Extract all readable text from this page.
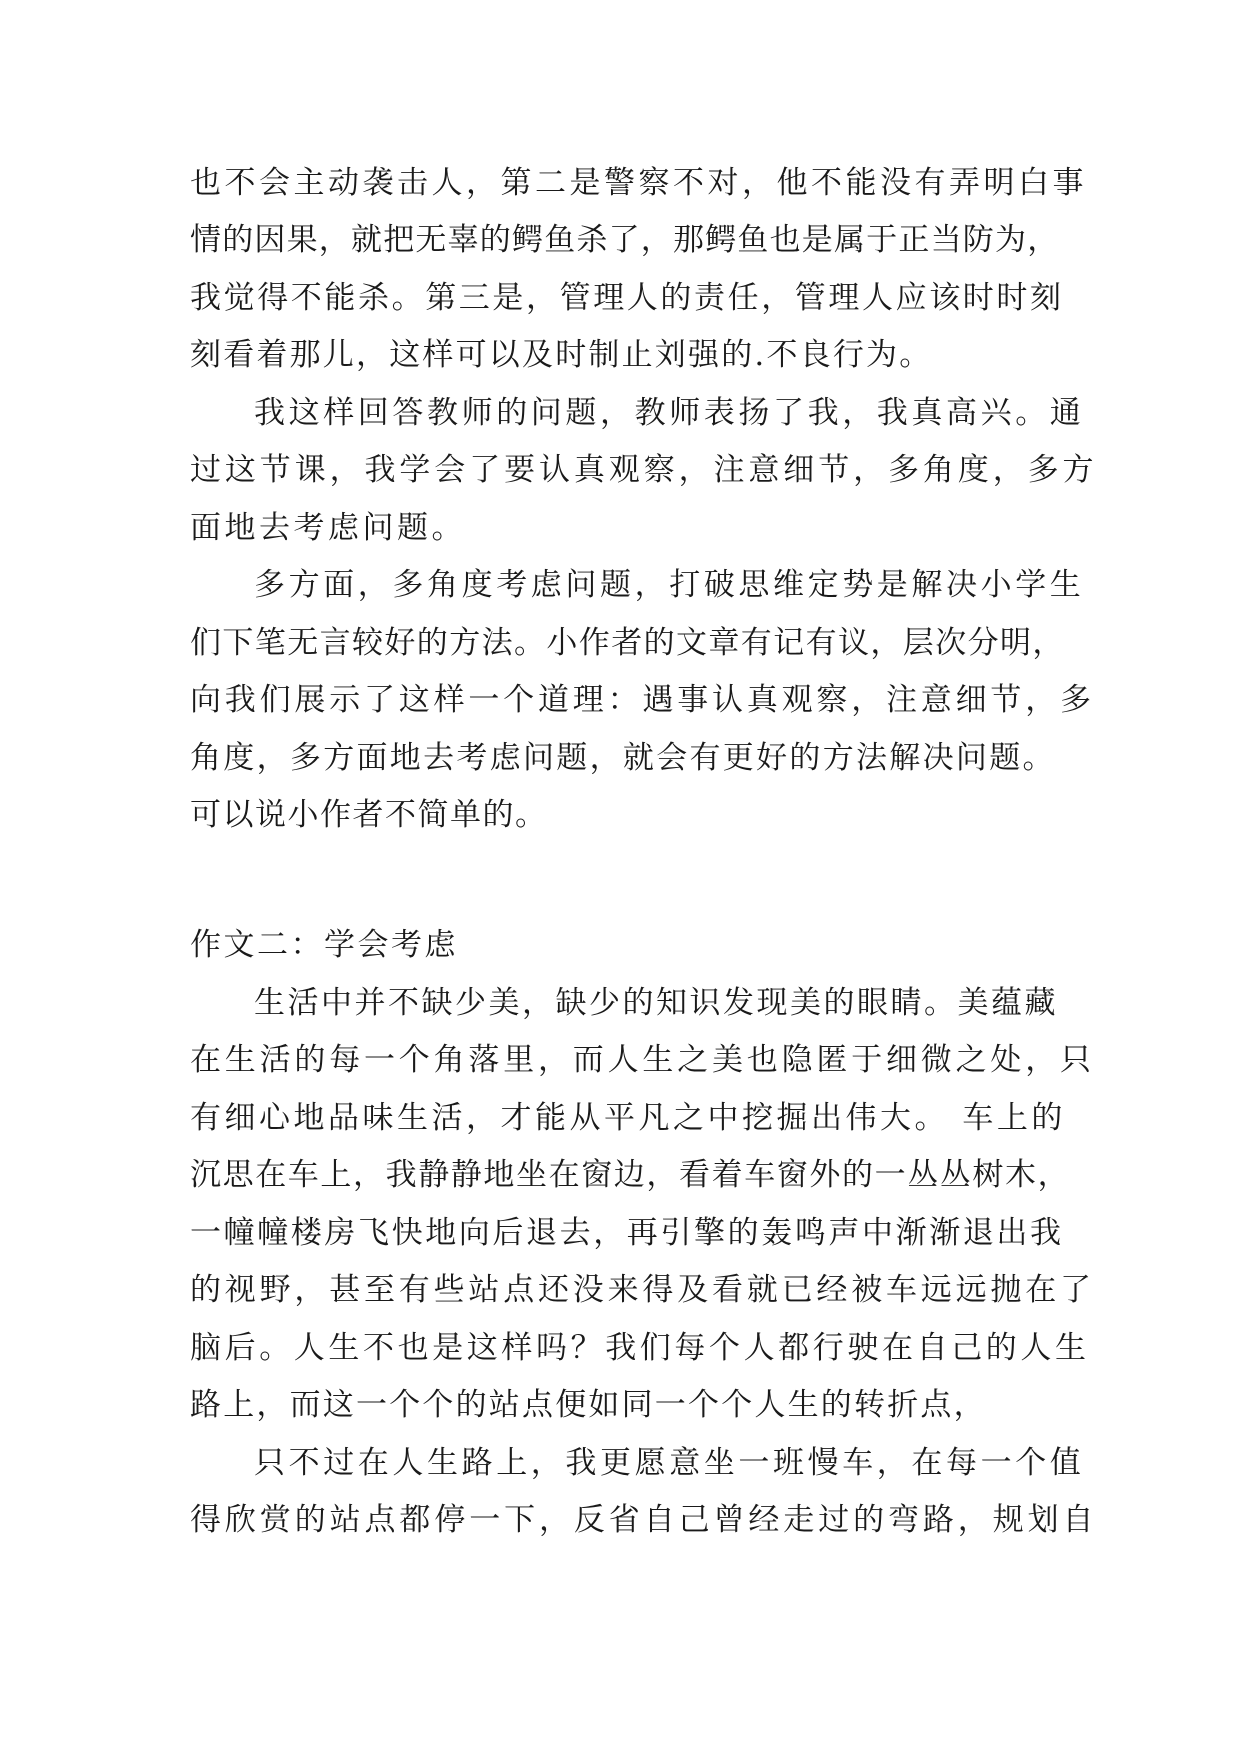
也不会主动袭击人，第二是警察不对，他不能没有弄明白事
情的因果，就把无辜的鳄鱼杀了，那鳄鱼也是属于正当防为，
我觉得不能杀。第三是，管理人的责任，管理人应该时时刻
刻看着那儿，这样可以及时制止刘强的.不良行为。
我这样回答教师的问题，教师表扬了我，我真高兴。通
过这节课，我学会了要认真观察，注意细节，多角度，多方
面地去考虑问题。
多方面，多角度考虑问题，打破思维定势是解决小学生
们下笔无言较好的方法。小作者的文章有记有议，层次分明，
向我们展示了这样一个道理：遇事认真观察，注意细节，多
角度，多方面地去考虑问题，就会有更好的方法解决问题。
可以说小作者不简单的。
作文二：学会考虑
生活中并不缺少美，缺少的知识发现美的眼睛。美蕴藏
在生活的每一个角落里，而人生之美也隐匿于细微之处，只
有细心地品味生活，才能从平凡之中挖掘出伟大。 车上的
沉思在车上，我静静地坐在窗边，看着车窗外的一丛丛树木，
一幢幢楼房飞快地向后退去，再引擎的轰鸣声中渐渐退出我
的视野，甚至有些站点还没来得及看就已经被车远远抛在了
脑后。人生不也是这样吗？我们每个人都行驶在自己的人生
路上，而这一个个的站点便如同一个个人生的转折点，
只不过在人生路上，我更愿意坐一班慢车，在每一个值
得欣赏的站点都停一下，反省自己曾经走过的弯路，规划自
